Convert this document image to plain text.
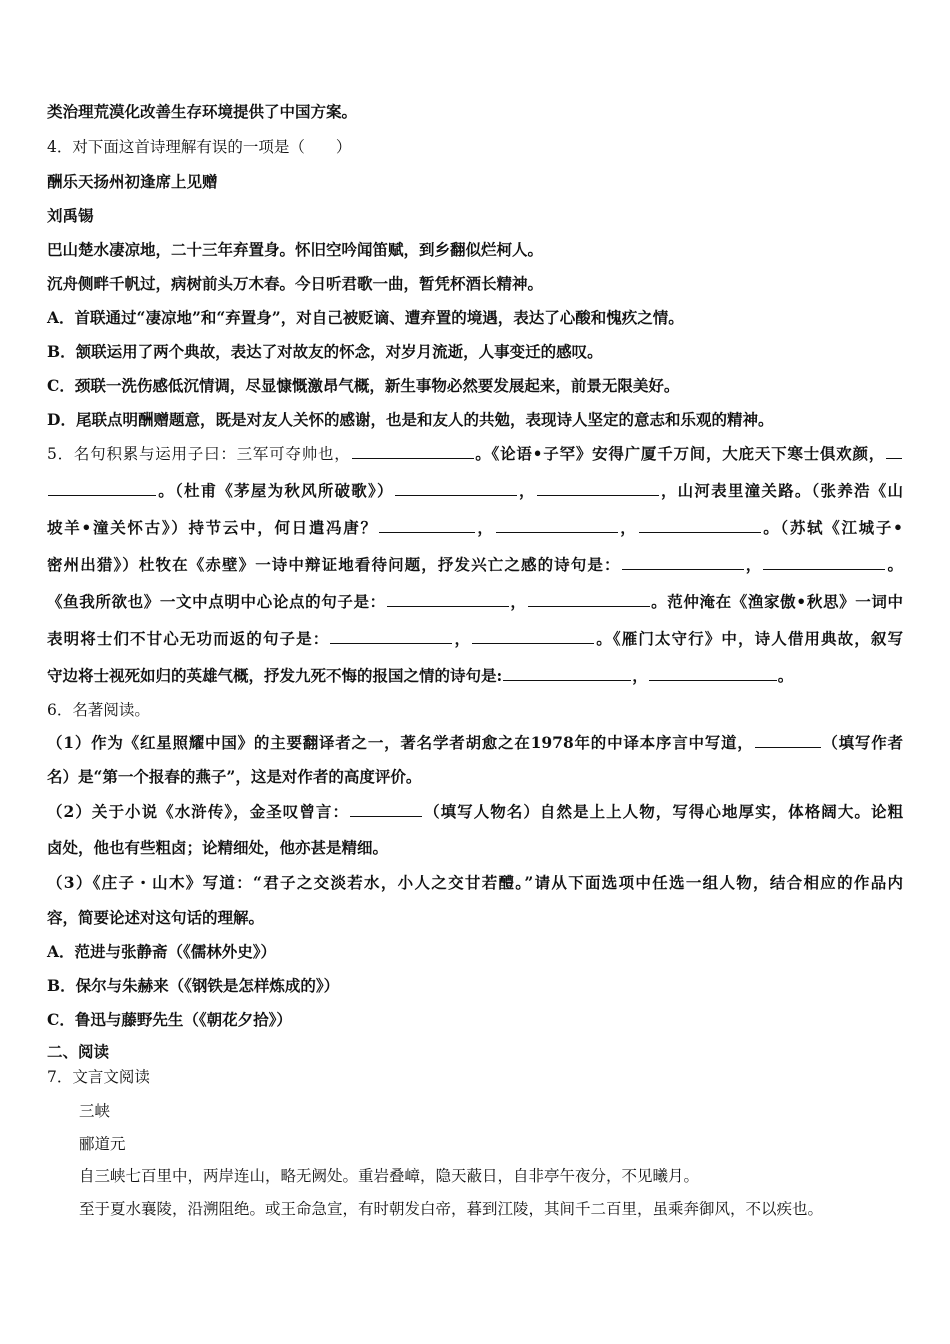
类治理荒漠化改善生存环境提供了中国方案。
4．对下面这首诗理解有误的一项是（　　）
酬乐天扬州初逢席上见赠
刘禹锡
巴山楚水凄凉地，二十三年弃置身。怀旧空吟闻笛赋，到乡翻似烂柯人。
沉舟侧畔千帆过，病树前头万木春。今日听君歌一曲，暂凭杯酒长精神。
A．首联通过“凄凉地”和“弃置身”，对自己被贬谪、遭弃置的境遇，表达了心酸和愧疚之情。
B．颔联运用了两个典故，表达了对故友的怀念，对岁月流逝，人事变迁的感叹。
C．颈联一洗伤感低沉情调，尽显慷慨激昂气概，新生事物必然要发展起来，前景无限美好。
D．尾联点明酬赠题意，既是对友人关怀的感谢，也是和友人的共勉，表现诗人坚定的意志和乐观的精神。
5．名句积累与运用子曰：三军可夺帅也，	。《论语•子罕》安得广厦千万间，大庇天下寒士俱欢颜，
。（杜甫《茅屋为秋风所破歌》）	，	，山河表里潼关路。（张养浩《山
坡羊•潼关怀古》）持节云中，何日遣冯唐？	，	，	。（苏轼《江城子•
密州出猎》）杜牧在《赤壁》一诗中辩证地看待问题，抒发兴亡之感的诗句是：	，	。
《鱼我所欲也》一文中点明中心论点的句子是：	，	。范仲淹在《渔家傲•秋思》一词中
表明将士们不甘心无功而返的句子是：	，	。《雁门太守行》中，诗人借用典故，叙写
守边将士视死如归的英雄气概，抒发九死不悔的报国之情的诗句是:	，	。
6．名著阅读。
（1）作为《红星照耀中国》的主要翻译者之一，著名学者胡愈之在1978年的中译本序言中写道，	（填写作者
名）是“第一个报春的燕子”，这是对作者的高度评价。
（2）关于小说《水浒传》，金圣叹曾言：	（填写人物名）自然是上上人物，写得心地厚实，体格阔大。论粗
卤处，他也有些粗卤；论精细处，他亦甚是精细。
（3）《庄子・山木》写道：“君子之交淡若水，小人之交甘若醴。”请从下面选项中任选一组人物，结合相应的作品内
容，简要论述对这句话的理解。
A．范进与张静斋（《儒林外史》）
B．保尔与朱赫来（《钢铁是怎样炼成的》）
C．鲁迅与藤野先生（《朝花夕拾》）
二、阅读
7．文言文阅读
三峡
郦道元
自三峡七百里中，两岸连山，略无阙处。重岩叠嶂，隐天蔽日，自非亭午夜分，不见曦月。
至于夏水襄陵，沿溯阻绝。或王命急宣，有时朝发白帝，暮到江陵，其间千二百里，虽乘奔御风，不以疾也。
